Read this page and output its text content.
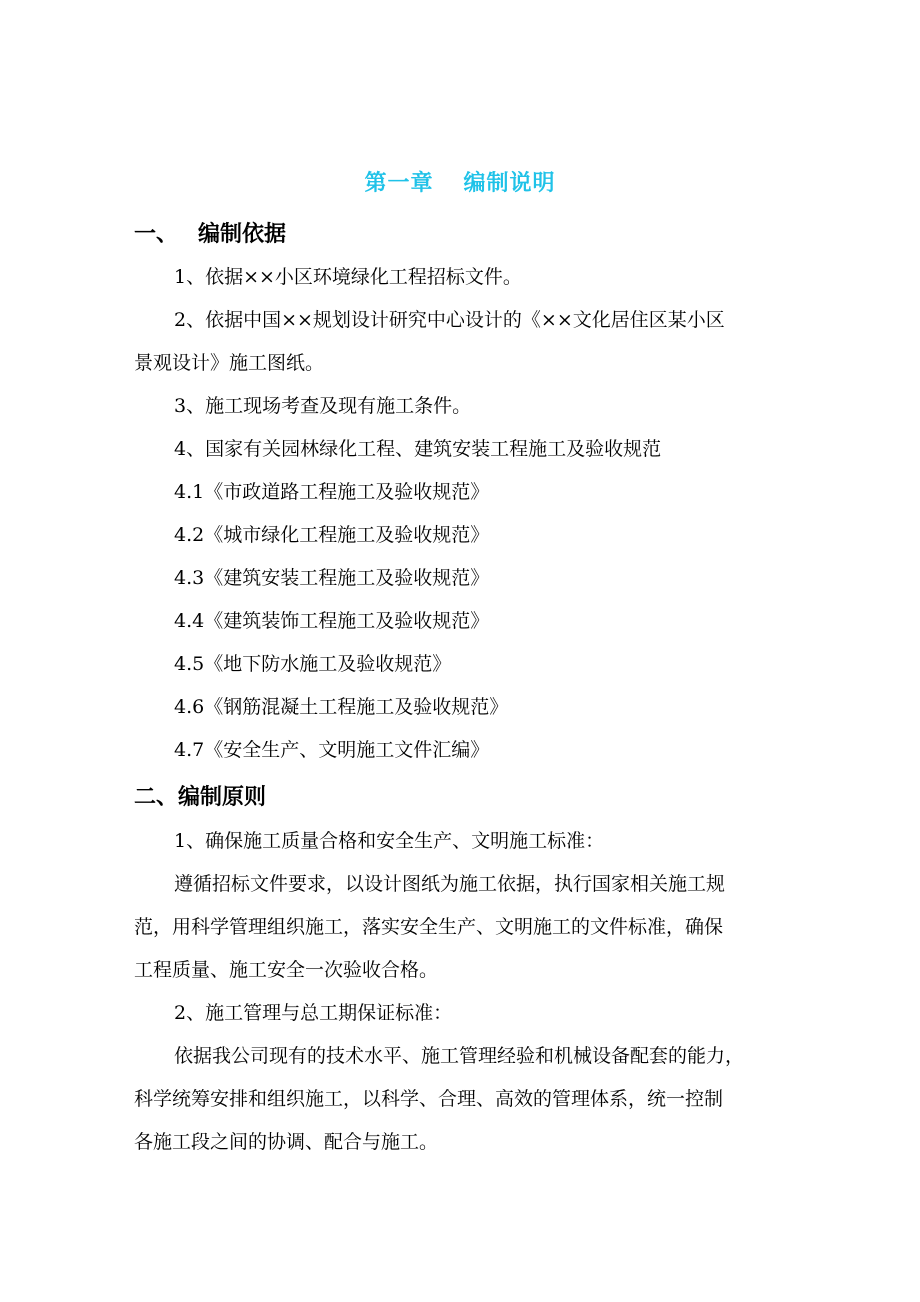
第一章 编制说明
一、 编制依据
1、依据××小区环境绿化工程招标文件。
2、依据中国××规划设计研究中心设计的《××文化居住区某小区
景观设计》施工图纸。
3、施工现场考查及现有施工条件。
4、国家有关园林绿化工程、建筑安装工程施工及验收规范
4.1《市政道路工程施工及验收规范》
4.2《城市绿化工程施工及验收规范》
4.3《建筑安装工程施工及验收规范》
4.4《建筑装饰工程施工及验收规范》
4.5《地下防水施工及验收规范》
4.6《钢筋混凝土工程施工及验收规范》
4.7《安全生产、文明施工文件汇编》
二、编制原则
1、确保施工质量合格和安全生产、文明施工标准：
遵循招标文件要求，以设计图纸为施工依据，执行国家相关施工规
范，用科学管理组织施工，落实安全生产、文明施工的文件标准，确保
工程质量、施工安全一次验收合格。
2、施工管理与总工期保证标准：
依据我公司现有的技术水平、施工管理经验和机械设备配套的能力，
科学统筹安排和组织施工，以科学、合理、高效的管理体系，统一控制
各施工段之间的协调、配合与施工。
